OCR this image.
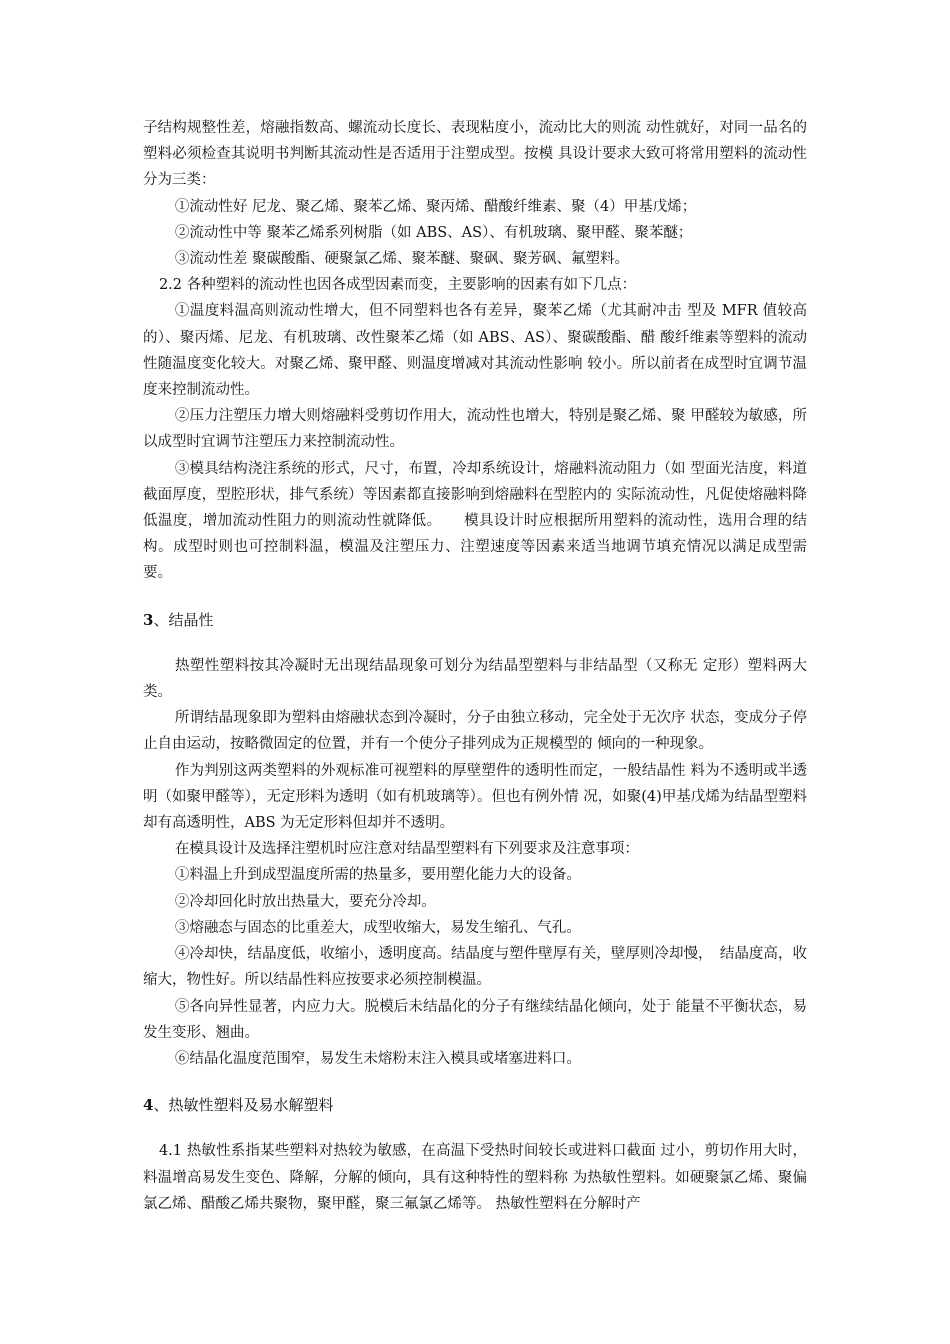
子结构规整性差，熔融指数高、螺流动长度长、表现粘度小，流动比大的则流 动性就好，对同一品名的塑料必须检查其说明书判断其流动性是否适用于注塑成型。按模 具设计要求大致可将常用塑料的流动性分为三类：

①流动性好 尼龙、聚乙烯、聚苯乙烯、聚丙烯、醋酸纤维素、聚（4）甲基戊烯；

②流动性中等 聚苯乙烯系列树脂（如 ABS、AS）、有机玻璃、聚甲醛、聚苯醚；

③流动性差 聚碳酸酯、硬聚氯乙烯、聚苯醚、聚砜、聚芳砜、氟塑料。

2.2 各种塑料的流动性也因各成型因素而变，主要影响的因素有如下几点：

①温度料温高则流动性增大，但不同塑料也各有差异，聚苯乙烯（尤其耐冲击 型及 MFR 值较高的）、聚丙烯、尼龙、有机玻璃、改性聚苯乙烯（如 ABS、AS）、聚碳酸酯、醋 酸纤维素等塑料的流动性随温度变化较大。对聚乙烯、聚甲醛、则温度增减对其流动性影响 较小。所以前者在成型时宜调节温度来控制流动性。

②压力注塑压力增大则熔融料受剪切作用大，流动性也增大，特别是聚乙烯、聚 甲醛较为敏感，所以成型时宜调节注塑压力来控制流动性。

③模具结构浇注系统的形式，尺寸，布置，冷却系统设计，熔融料流动阻力（如 型面光洁度，料道截面厚度，型腔形状，排气系统）等因素都直接影响到熔融料在型腔内的 实际流动性，凡促使熔融料降低温度，增加流动性阻力的则流动性就降低。　　模具设计时应根据所用塑料的流动性，选用合理的结构。成型时则也可控制料温，模温及注塑压力、注塑速度等因素来适当地调节填充情况以满足成型需要。

3、结晶性

热塑性塑料按其冷凝时无出现结晶现象可划分为结晶型塑料与非结晶型（又称无 定形）塑料两大类。

所谓结晶现象即为塑料由熔融状态到冷凝时，分子由独立移动，完全处于无次序 状态，变成分子停止自由运动，按略微固定的位置，并有一个使分子排列成为正规模型的 倾向的一种现象。

作为判别这两类塑料的外观标准可视塑料的厚壁塑件的透明性而定，一般结晶性 料为不透明或半透明（如聚甲醛等），无定形料为透明（如有机玻璃等）。但也有例外情 况，如聚(4)甲基戊烯为结晶型塑料却有高透明性，ABS 为无定形料但却并不透明。

在模具设计及选择注塑机时应注意对结晶型塑料有下列要求及注意事项：

①料温上升到成型温度所需的热量多，要用塑化能力大的设备。

②冷却回化时放出热量大，要充分冷却。

③熔融态与固态的比重差大，成型收缩大，易发生缩孔、气孔。

④冷却快，结晶度低，收缩小，透明度高。结晶度与塑件壁厚有关，壁厚则冷却慢，　结晶度高，收缩大，物性好。所以结晶性料应按要求必须控制模温。

⑤各向异性显著，内应力大。脱模后未结晶化的分子有继续结晶化倾向，处于 能量不平衡状态，易发生变形、翘曲。

⑥结晶化温度范围窄，易发生未熔粉末注入模具或堵塞进料口。

4、热敏性塑料及易水解塑料

4.1 热敏性系指某些塑料对热较为敏感，在高温下受热时间较长或进料口截面 过小，剪切作用大时，料温增高易发生变色、降解，分解的倾向，具有这种特性的塑料称 为热敏性塑料。如硬聚氯乙烯、聚偏氯乙烯、醋酸乙烯共聚物，聚甲醛，聚三氟氯乙烯等。 热敏性塑料在分解时产
